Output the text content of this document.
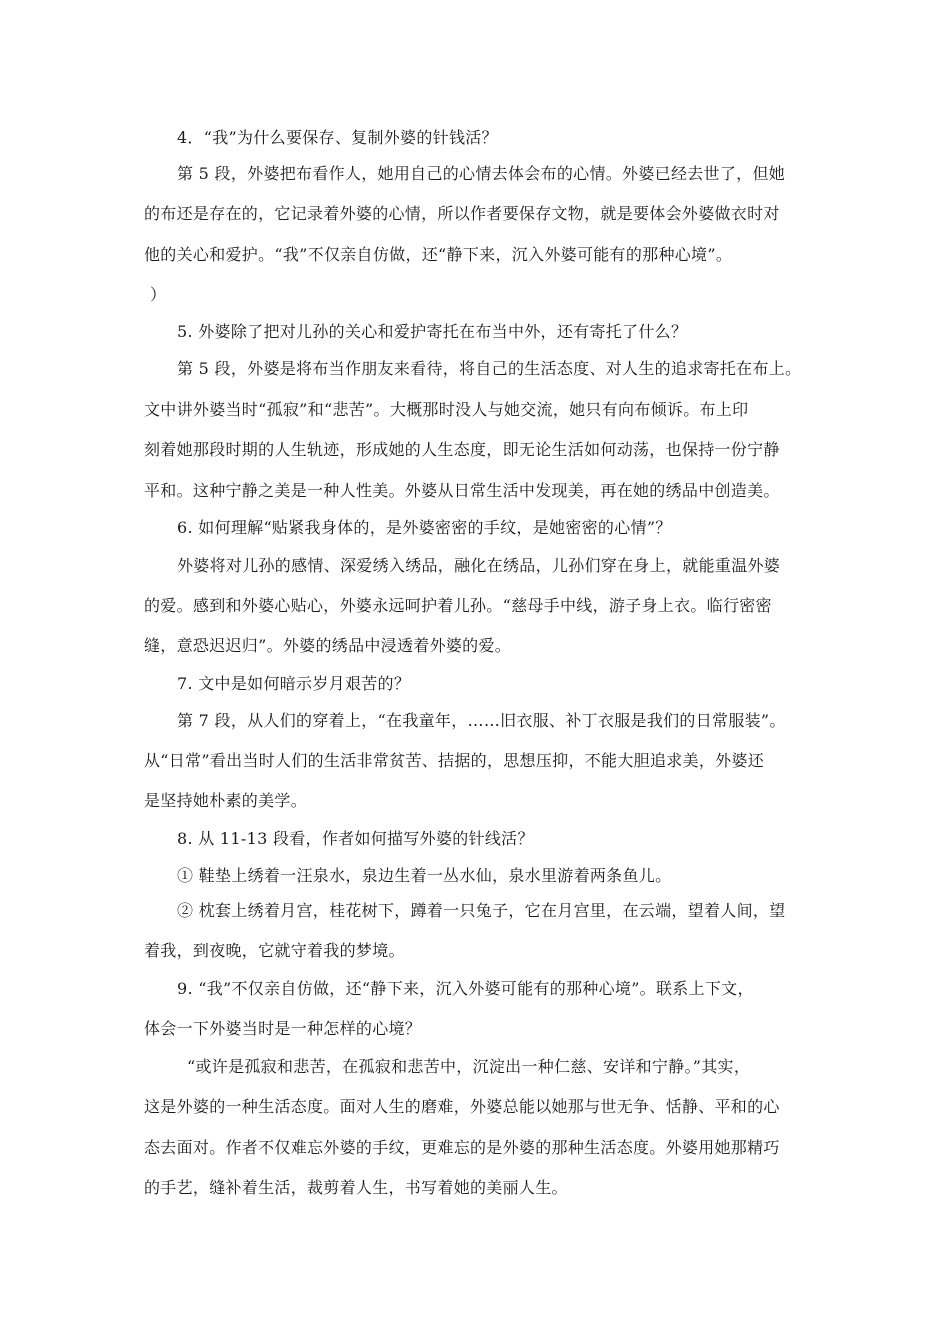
4．“我”为什么要保存、复制外婆的针钱活？
第 5 段，外婆把布看作人，她用自己的心情去体会布的心情。外婆已经去世了，但她
的布还是存在的，它记录着外婆的心情，所以作者要保存文物，就是要体会外婆做衣时对
他的关心和爱护。“我”不仅亲自仿做，还“静下来，沉入外婆可能有的那种心境”。
）
5. 外婆除了把对儿孙的关心和爱护寄托在布当中外，还有寄托了什么？
第 5 段，外婆是将布当作朋友来看待，将自己的生活态度、对人生的追求寄托在布上。
文中讲外婆当时“孤寂”和“悲苦”。大概那时没人与她交流，她只有向布倾诉。布上印
刻着她那段时期的人生轨迹，形成她的人生态度，即无论生活如何动荡，也保持一份宁静
平和。这种宁静之美是一种人性美。外婆从日常生活中发现美，再在她的绣品中创造美。
6. 如何理解“贴紧我身体的，是外婆密密的手纹，是她密密的心情”？
外婆将对儿孙的感情、深爱绣入绣品，融化在绣品，儿孙们穿在身上，就能重温外婆
的爱。感到和外婆心贴心，外婆永远呵护着儿孙。“慈母手中线，游子身上衣。临行密密
缝，意恐迟迟归”。外婆的绣品中浸透着外婆的爱。
7. 文中是如何暗示岁月艰苦的？
第 7 段，从人们的穿着上，“在我童年，……旧衣服、补丁衣服是我们的日常服装”。
从“日常”看出当时人们的生活非常贫苦、拮据的，思想压抑，不能大胆追求美，外婆还
是坚持她朴素的美学。
8. 从 11-13 段看，作者如何描写外婆的针线活？
① 鞋垫上绣着一汪泉水，泉边生着一丛水仙，泉水里游着两条鱼儿。
② 枕套上绣着月宫，桂花树下，蹲着一只兔子，它在月宫里，在云端，望着人间，望
着我，到夜晚，它就守着我的梦境。
9. “我”不仅亲自仿做，还“静下来，沉入外婆可能有的那种心境”。联系上下文，
体会一下外婆当时是一种怎样的心境？
“或许是孤寂和悲苦，在孤寂和悲苦中，沉淀出一种仁慈、安详和宁静。”其实，
这是外婆的一种生活态度。面对人生的磨难，外婆总能以她那与世无争、恬静、平和的心
态去面对。作者不仅难忘外婆的手纹，更难忘的是外婆的那种生活态度。外婆用她那精巧
的手艺，缝补着生活，裁剪着人生，书写着她的美丽人生。
